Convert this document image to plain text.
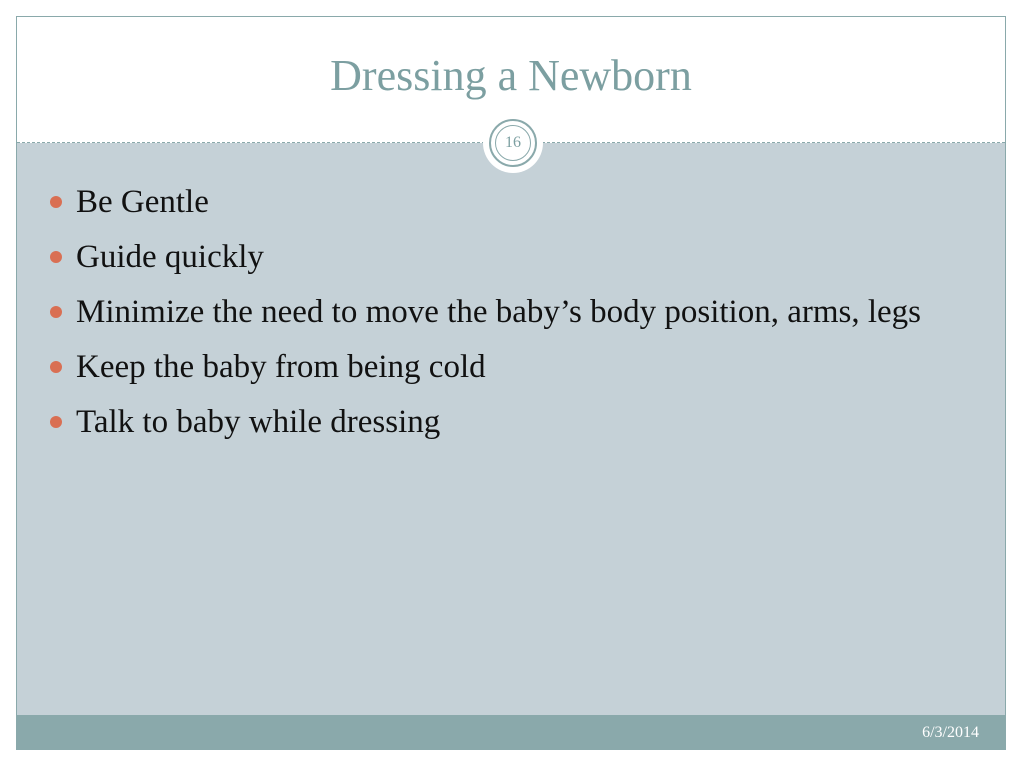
Dressing a Newborn
16
Be Gentle
Guide quickly
Minimize the need to move the baby’s body position, arms, legs
Keep the baby from being cold
Talk to baby while dressing
6/3/2014
